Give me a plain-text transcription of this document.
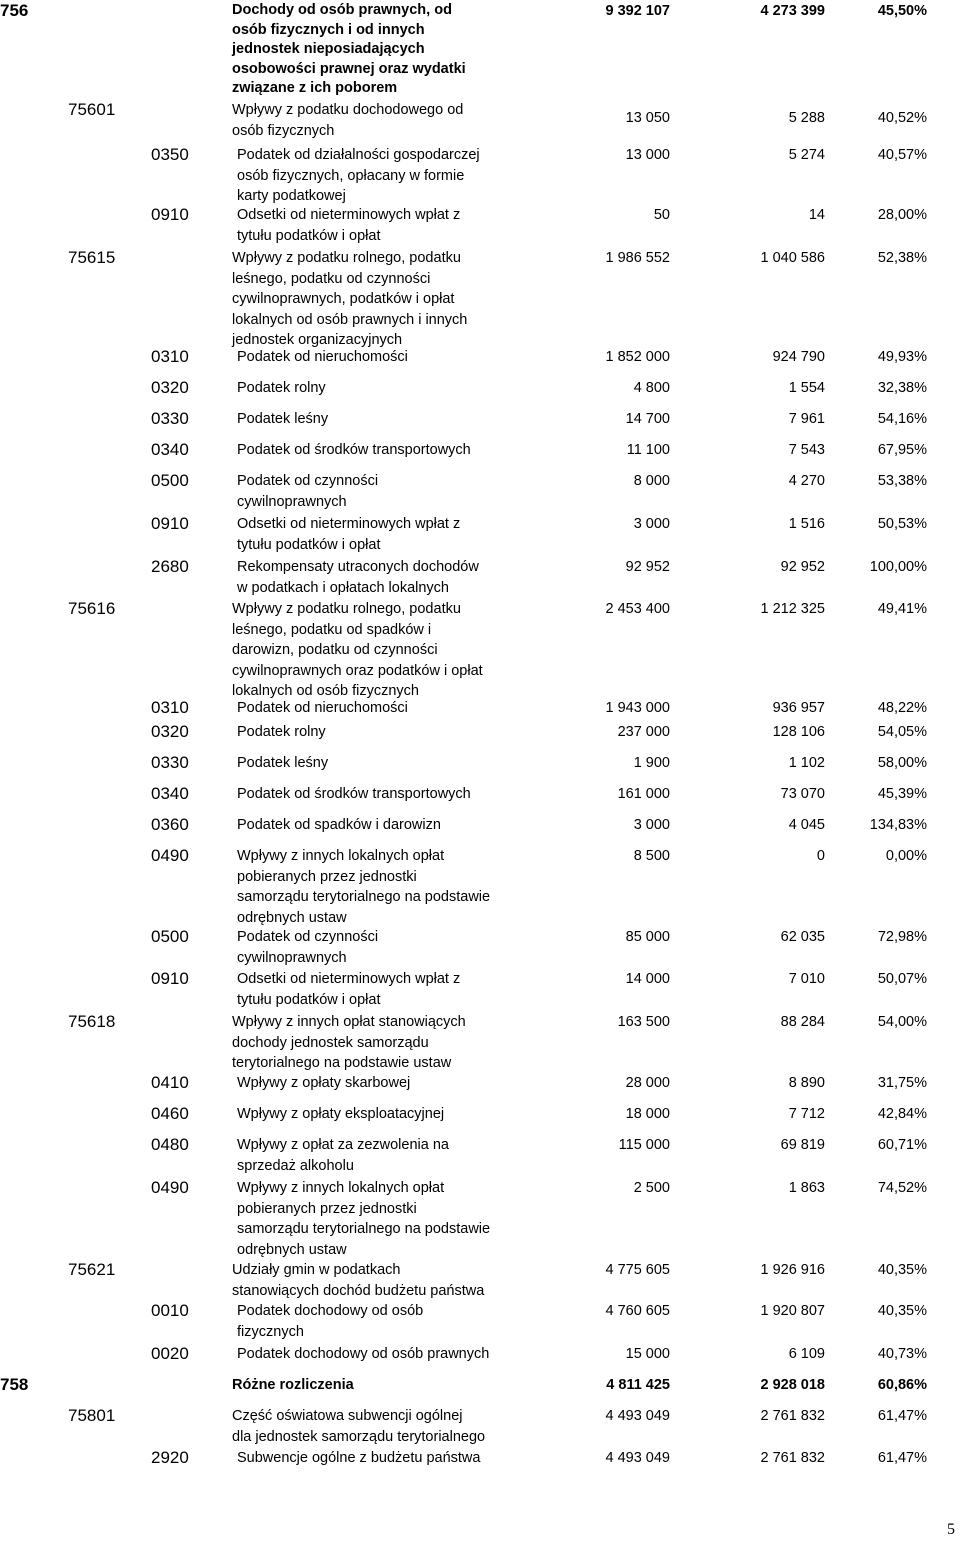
756	Dochody od osób prawnych, od
osób fizycznych i od innych
jednostek nieposiadających
osobowości prawnej oraz wydatki
związane z ich poborem
9 392 107	4 273 399	45,50%
75601	Wpływy z podatku dochodowego od
osób fizycznych
13 050	5 288	40,52%
0350	Podatek od działalności gospodarczej
osób fizycznych, opłacany w formie
karty podatkowej
13 000	5 274	40,57%
0910	Odsetki od nieterminowych wpłat z
tytułu podatków i opłat
50	14	28,00%
75615	Wpływy z podatku rolnego, podatku
leśnego, podatku od czynności
cywilnoprawnych, podatków i opłat
lokalnych od osób prawnych i innych
jednostek organizacyjnych
1 986 552	1 040 586	52,38%
0310	Podatek od nieruchomości	1 852 000	924 790	49,93%
0320	Podatek rolny	4 800	1 554	32,38%
0330	Podatek leśny	14 700	7 961	54,16%
0340	Podatek od środków transportowych	11 100	7 543	67,95%
0500	Podatek od czynności
cywilnoprawnych
8 000	4 270	53,38%
0910	Odsetki od nieterminowych wpłat z
tytułu podatków i opłat
3 000	1 516	50,53%
2680	Rekompensaty utraconych dochodów
w podatkach i opłatach lokalnych
92 952	92 952	100,00%
75616	Wpływy z podatku rolnego, podatku
leśnego, podatku od spadków i
darowizn, podatku od czynności
cywilnoprawnych oraz podatków i opłat
lokalnych od osób fizycznych
2 453 400	1 212 325	49,41%
0310	Podatek od nieruchomości	1 943 000	936 957	48,22%
0320	Podatek rolny	237 000	128 106	54,05%
0330	Podatek leśny	1 900	1 102	58,00%
0340	Podatek od środków transportowych	161 000	73 070	45,39%
0360	Podatek od spadków i darowizn	3 000	4 045	134,83%
0490	Wpływy z innych lokalnych opłat
pobieranych przez jednostki
samorządu terytorialnego na podstawie
odrębnych ustaw
8 500	0	0,00%
0500	Podatek od czynności
cywilnoprawnych
85 000	62 035	72,98%
0910	Odsetki od nieterminowych wpłat z
tytułu podatków i opłat
14 000	7 010	50,07%
75618	Wpływy z innych opłat stanowiących
dochody jednostek samorządu
terytorialnego na podstawie ustaw
163 500	88 284	54,00%
0410	Wpływy z opłaty skarbowej	28 000	8 890	31,75%
0460	Wpływy z opłaty eksploatacyjnej	18 000	7 712	42,84%
0480	Wpływy z opłat za zezwolenia na
sprzedaż alkoholu
115 000	69 819	60,71%
0490	Wpływy z innych lokalnych opłat
pobieranych przez jednostki
samorządu terytorialnego na podstawie
odrębnych ustaw
2 500	1 863	74,52%
75621	Udziały gmin w podatkach
stanowiących dochód budżetu państwa
4 775 605	1 926 916	40,35%
0010	Podatek dochodowy od osób
fizycznych
4 760 605	1 920 807	40,35%
0020	Podatek dochodowy od osób prawnych	15 000	6 109	40,73%
758	Różne rozliczenia	4 811 425	2 928 018	60,86%
75801	Część oświatowa subwencji ogólnej
dla jednostek samorządu terytorialnego
4 493 049	2 761 832	61,47%
2920	Subwencje ogólne z budżetu państwa	4 493 049	2 761 832	61,47%
5
